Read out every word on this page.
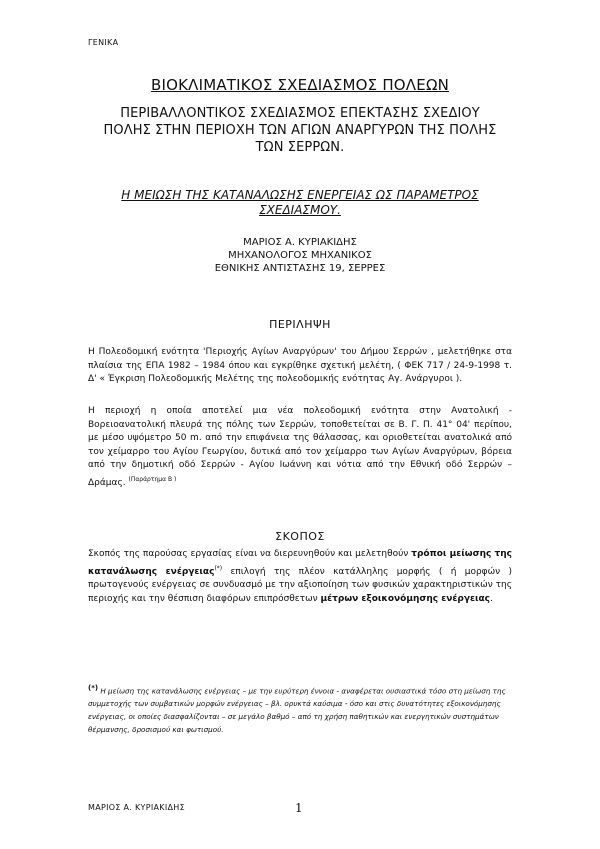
ΓΕΝΙΚΑ
ΒΙΟΚΛΙΜΑΤΙΚΟΣ ΣΧΕΔΙΑΣΜΟΣ ΠΟΛΕΩΝ
ΠΕΡΙΒΑΛΛΟΝΤΙΚΟΣ ΣΧΕΔΙΑΣΜΟΣ ΕΠΕΚΤΑΣΗΣ ΣΧΕΔΙΟΥ
ΠΟΛΗΣ ΣΤΗΝ ΠΕΡΙΟΧΗ ΤΩΝ ΑΓΙΩΝ ΑΝΑΡΓΥΡΩΝ ΤΗΣ ΠΟΛΗΣ
ΤΩΝ ΣΕΡΡΩΝ.
Η ΜΕΙΩΣΗ ΤΗΣ ΚΑΤΑΝΑΛΩΣΗΣ ΕΝΕΡΓΕΙΑΣ ΩΣ ΠΑΡΑΜΕΤΡΟΣ
ΣΧΕΔΙΑΣΜΟΥ.
ΜΑΡΙΟΣ Α. ΚΥΡΙΑΚΙΔΗΣ
ΜΗΧΑΝΟΛΟΓΟΣ ΜΗΧΑΝΙΚΟΣ
ΕΘΝΙΚΗΣ ΑΝΤΙΣΤΑΣΗΣ 19, ΣΕΡΡΕΣ
ΠΕΡΙΛΗΨΗ
Η Πολεοδομική ενότητα 'Περιοχής Αγίων Αναργύρων' του Δήμου Σερρών , μελετήθηκε στα πλαίσια της ΕΠΑ 1982 – 1984 όπου και εγκρίθηκε σχετική μελέτη, ( ΦΕΚ 717 / 24-9-1998 τ. Δ' « Έγκριση Πολεοδομικής Μελέτης της πολεοδομικής ενότητας Αγ. Ανάργυροι ).
Η περιοχή η οποία αποτελεί μια νέα πολεοδομική ενότητα στην Ανατολική - Βορειοανατολική πλευρά της πόλης των Σερρών, τοποθετείται σε Β. Γ. Π. 41° 04' περίπου, με μέσο υψόμετρο 50 m. από την επιφάνεια της θάλασσας, και οριοθετείται ανατολικά από τον χείμαρρο του Αγίου Γεωργίου, δυτικά από τον χείμαρρο των Αγίων Αναργύρων, βόρεια από την δημοτική οδό Σερρών - Αγίου Ιωάννη και νότια από την Εθνική οδό Σερρών – Δράμας. $^{(\Pi\alpha\rho ά\rho\tau\eta\mu\alpha B )}$
ΣΚΟΠΟΣ
Σκοπός της παρούσας εργασίας είναι να διερευνηθούν και μελετηθούν τρόποι μείωσης της κατανάλωσης ενέργειας(*) επιλογή της πλέον κατάλληλης μορφής ( ή μορφών ) πρωτογενούς ενέργειας σε συνδυασμό με την αξιοποίηση των φυσικών χαρακτηριστικών της περιοχής και την θέσπιση διαφόρων επιπρόσθετων μέτρων εξοικονόμησης ενέργειας.
(*) Η μείωση της κατανάλωσης ενέργειας – με την ευρύτερη έννοια - αναφέρεται ουσιαστικά τόσο στη μείωση της συμμετοχής των συμβατικών μορφών ενέργειας – βλ. ορυκτά καύσιμα - όσο και στις δυνατότητες εξοικονόμησης ενέργειας, οι οποίες διασφαλίζονται – σε μεγάλο βαθμό – από τη χρήση παθητικών και ενεργητικών συστημάτων θέρμανσης, δροσισμού και φωτισμού.
ΜΑΡΙΟΣ Α. ΚΥΡΙΑΚΙΔΗΣ	1
